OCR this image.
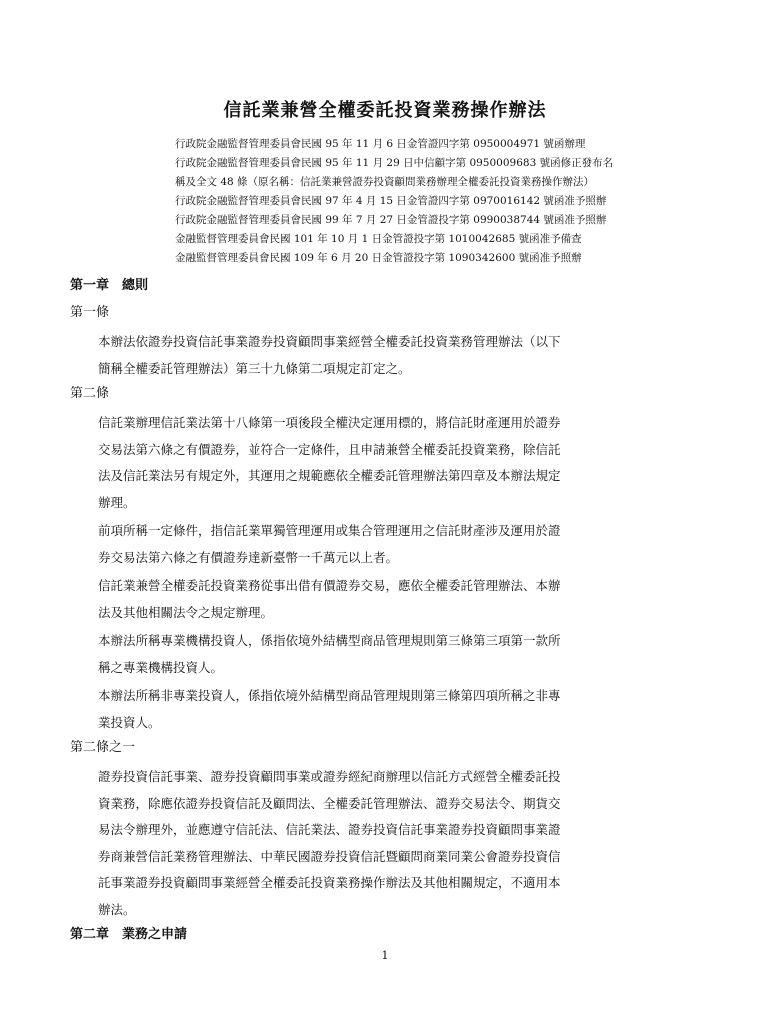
信託業兼營全權委託投資業務操作辦法
行政院金融監督管理委員會民國 95 年 11 月 6 日金管證四字第 0950004971 號函辦理
行政院金融監督管理委員會民國 95 年 11 月 29 日中信顧字第 0950009683 號函修正發布名
稱及全文 48 條（原名稱：信託業兼營證券投資顧問業務辦理全權委託投資業務操作辦法）
行政院金融監督管理委員會民國 97 年 4 月 15 日金管證四字第 0970016142 號函准予照辦
行政院金融監督管理委員會民國 99 年 7 月 27 日金管證投字第 0990038744 號函准予照辦
金融監督管理委員會民國 101 年 10 月 1 日金管證投字第 1010042685 號函准予備查
金融監督管理委員會民國 109 年 6 月 20 日金管證投字第 1090342600 號函准予照辦
第一章　總則
第一條
本辦法依證券投資信託事業證券投資顧問事業經營全權委託投資業務管理辦法（以下
簡稱全權委託管理辦法）第三十九條第二項規定訂定之。
第二條
信託業辦理信託業法第十八條第一項後段全權決定運用標的，將信託財產運用於證券
交易法第六條之有價證券，並符合一定條件，且申請兼營全權委託投資業務，除信託
法及信託業法另有規定外，其運用之規範應依全權委託管理辦法第四章及本辦法規定
辦理。
前項所稱一定條件，指信託業單獨管理運用或集合管理運用之信託財產涉及運用於證
券交易法第六條之有價證券達新臺幣一千萬元以上者。
信託業兼營全權委託投資業務從事出借有價證券交易，應依全權委託管理辦法、本辦
法及其他相關法令之規定辦理。
本辦法所稱專業機構投資人，係指依境外結構型商品管理規則第三條第三項第一款所
稱之專業機構投資人。
本辦法所稱非專業投資人，係指依境外結構型商品管理規則第三條第四項所稱之非專
業投資人。
第二條之一
證券投資信託事業、證券投資顧問事業或證券經紀商辦理以信託方式經營全權委託投
資業務，除應依證券投資信託及顧問法、全權委託管理辦法、證券交易法令、期貨交
易法令辦理外，並應遵守信託法、信託業法、證券投資信託事業證券投資顧問事業證
券商兼營信託業務管理辦法、中華民國證券投資信託暨顧問商業同業公會證券投資信
託事業證券投資顧問事業經營全權委託投資業務操作辦法及其他相關規定，不適用本
辦法。
第二章　業務之申請
1
